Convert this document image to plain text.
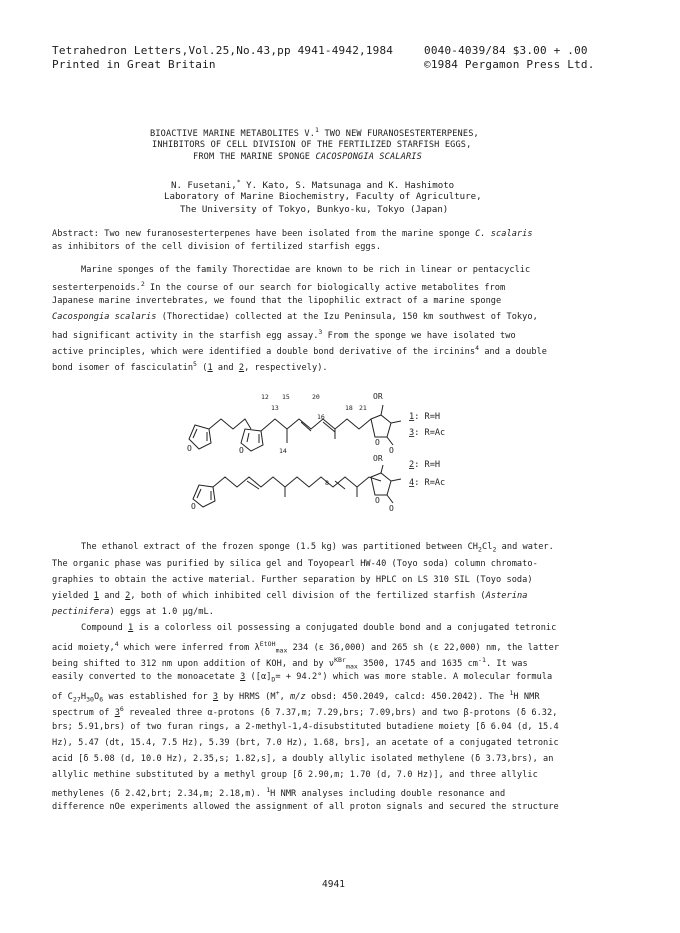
Tetrahedron Letters,Vol.25,No.43,pp 4941-4942,1984
Printed in Great Britain
0040-4039/84 $3.00 + .00
©1984 Pergamon Press Ltd.
BIOACTIVE MARINE METABOLITES V.$^1$ TWO NEW FURANOSESTERTERPENES,
INHIBITORS OF CELL DIVISION OF THE FERTILIZED STARFISH EGGS,
FROM THE MARINE SPONGE CACOSPONGIA SCALARIS
N. Fusetani,* Y. Kato, S. Matsunaga and K. Hashimoto
Laboratory of Marine Biochemistry, Faculty of Agriculture,
The University of Tokyo, Bunkyo-ku, Tokyo (Japan)
Abstract: Two new furanosesterterpenes have been isolated from the marine sponge C. scalaris
as inhibitors of the cell division of fertilized starfish eggs.
Marine sponges of the family Thorectidae are known to be rich in linear or pentacyclic
sesterterpenoids.$^2$ In the course of our search for biologically active metabolites from
Japanese marine invertebrates, we found that the lipophilic extract of a marine sponge
Cacospongia scalaris (Thorectidae) collected at the Izu Peninsula, 150 km southwest of Tokyo,
had significant activity in the starfish egg assay.$^3$ From the sponge we have isolated two
active principles, which were identified a double bond derivative of the ircinins$^4$ and a double
bond isomer of fasciculatin$^5$ (1 and 2, respectively).
12 15	20
13	18 21
16
14
8
OR
O	O
O
O
OR
O
O
O
1: R=H
3: R=Ac
2: R=H
4: R=Ac
The ethanol extract of the frozen sponge (1.5 kg) was partitioned between $CH_2Cl_2$ and water.
The organic phase was purified by silica gel and Toyopearl HW-40 (Toyo soda) column chromato-
graphies to obtain the active material. Further separation by HPLC on LS 310 SIL (Toyo soda)
yielded 1 and 2, both of which inhibited cell division of the fertilized starfish (Asterina
pectinifera) eggs at 1.0 µg/mL.
Compound 1 is a colorless oil possessing a conjugated double bond and a conjugated tetronic
acid moiety,$^4$ which were inferred from $\lambda^{EtOH}_{max}$ 234 (ε 36,000) and 265 sh (ε 22,000) nm, the latter
being shifted to 312 nm upon addition of KOH, and by $\nu^{KBr}_{max}$ 3500, 1745 and 1635 $cm^{-1}$. It was
easily converted to the monoacetate 3 $([\alpha]_D= + 94.2^\circ)$ which was more stable. A molecular formula
of $C_{27}H_{30}O_6$ was established for 3 by HRMS (M+, m/z obsd: 450.2049, calcd: 450.2042). The $^1$H NMR
spectrum of $3^6$ revealed three α-protons (δ 7.37,m; 7.29,brs; 7.09,brs) and two β-protons (δ 6.32,
brs; 5.91,brs) of two furan rings, a 2-methyl-1,4-disubstituted butadiene moiety [δ 6.04 (d, 15.4
Hz), 5.47 (dt, 15.4, 7.5 Hz), 5.39 (brt, 7.0 Hz), 1.68, brs], an acetate of a conjugated tetronic
acid [δ 5.08 (d, 10.0 Hz), 2.35,s; 1.82,s], a doubly allylic isolated methylene (δ 3.73,brs), an
allylic methine substituted by a methyl group [δ 2.90,m; 1.70 (d, 7.0 Hz)], and three allylic
methylenes (δ 2.42,brt; 2.34,m; 2.18,m). $^1$H NMR analyses including double resonance and
difference nOe experiments allowed the assignment of all proton signals and secured the structure
4941
